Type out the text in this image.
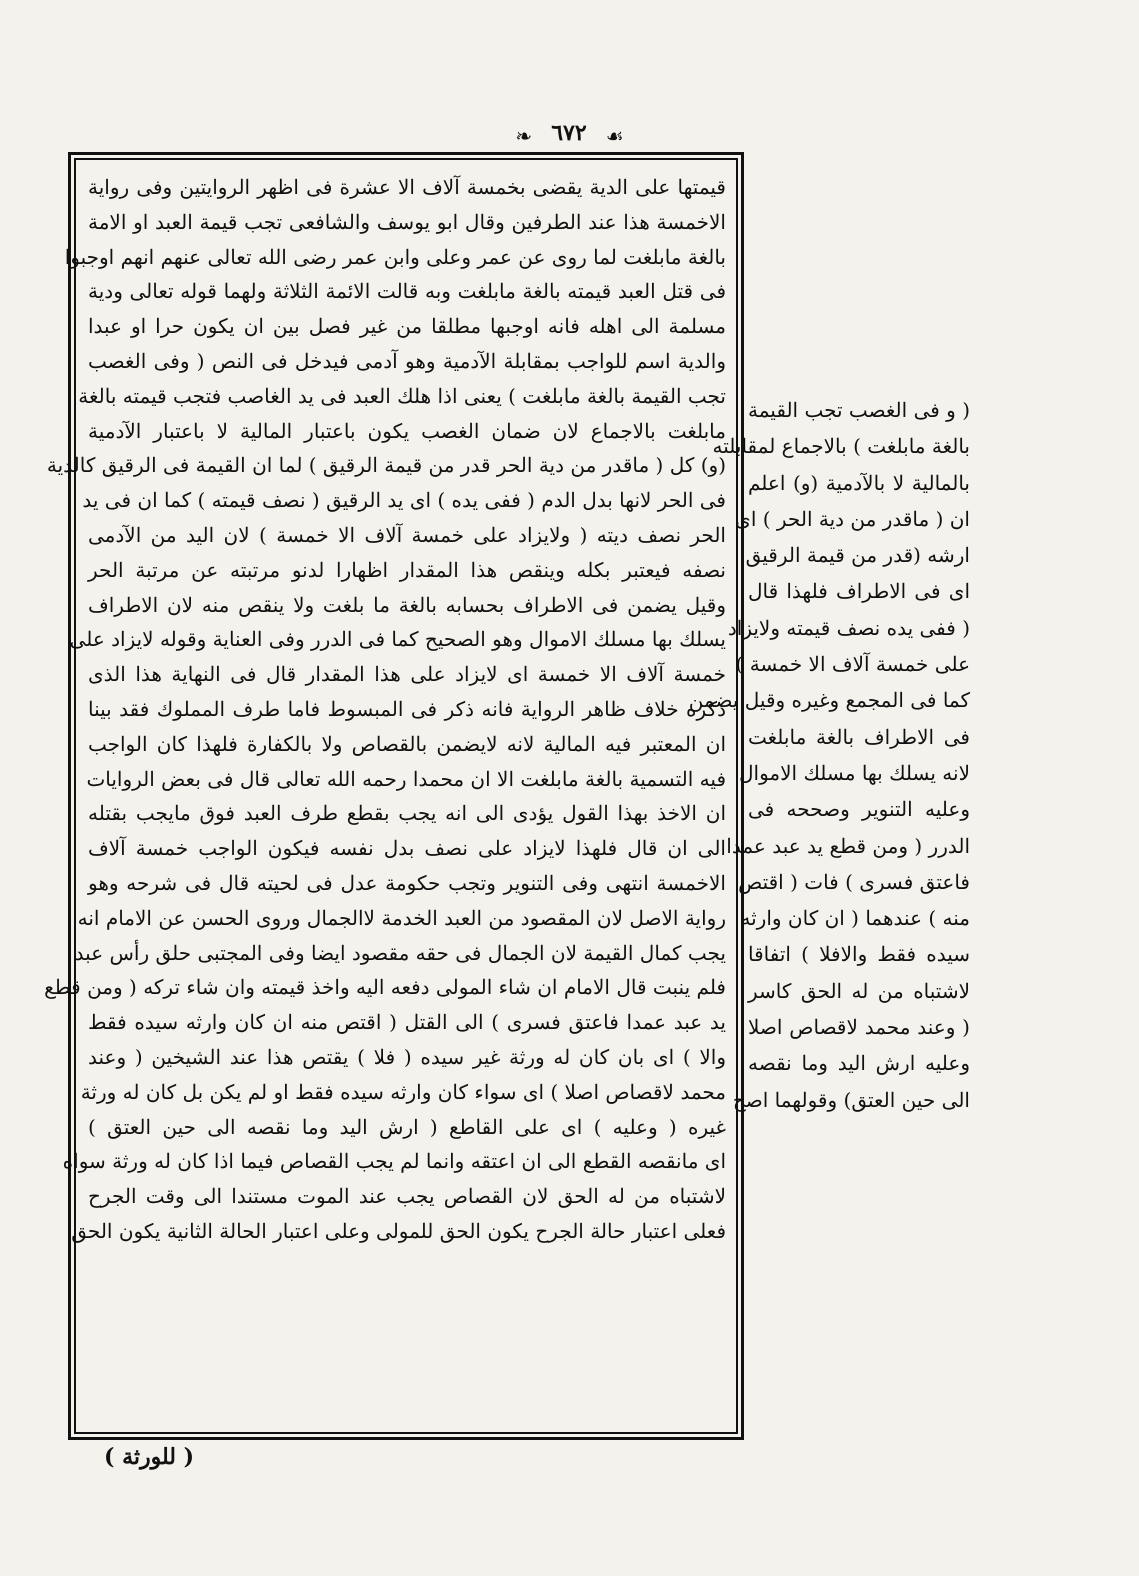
❧ ٦٧٢ ☙
قيمتها على الدية يقضى بخمسة آلاف الا عشرة فى اظهر الروايتين وفى رواية
الاخمسة هذا عند الطرفين وقال ابو يوسف والشافعى تجب قيمة العبد او الامة
بالغة مابلغت لما روى عن عمر وعلى وابن عمر رضى الله تعالى عنهم انهم اوجبوا
فى قتل العبد قيمته بالغة مابلغت وبه قالت الائمة الثلاثة ولهما قوله تعالى ودية
مسلمة الى اهله فانه اوجبها مطلقا من غير فصل بين ان يكون حرا او عبدا
والدية اسم للواجب بمقابلة الآدمية وهو آدمى فيدخل فى النص ( وفى الغصب
تجب القيمة بالغة مابلغت ) يعنى اذا هلك العبد فى يد الغاصب فتجب قيمته بالغة
مابلغت بالاجماع لان ضمان الغصب يكون باعتبار المالية لا باعتبار الآدمية
(و) كل ( ماقدر من دية الحر قدر من قيمة الرقيق ) لما ان القيمة فى الرقيق كالدية
فى الحر لانها بدل الدم ( ففى يده ) اى يد الرقيق ( نصف قيمته ) كما ان فى يد
الحر نصف ديته ( ولايزاد على خمسة آلاف الا خمسة ) لان اليد من الآدمى
نصفه فيعتبر بكله وينقص هذا المقدار اظهارا لدنو مرتبته عن مرتبة الحر
وقيل يضمن فى الاطراف بحسابه بالغة ما بلغت ولا ينقص منه لان الاطراف
يسلك بها مسلك الاموال وهو الصحيح كما فى الدرر وفى العناية وقوله لايزاد على
خمسة آلاف الا خمسة اى لايزاد على هذا المقدار قال فى النهاية هذا الذى
ذكره خلاف ظاهر الرواية فانه ذكر فى المبسوط فاما طرف المملوك فقد بينا
ان المعتبر فيه المالية لانه لايضمن بالقصاص ولا بالكفارة فلهذا كان الواجب
فيه التسمية بالغة مابلغت الا ان محمدا رحمه الله تعالى قال فى بعض الروايات
ان الاخذ بهذا القول يؤدى الى انه يجب بقطع طرف العبد فوق مايجب بقتله
الى ان قال فلهذا لايزاد على نصف بدل نفسه فيكون الواجب خمسة آلاف
الاخمسة انتهى وفى التنوير وتجب حكومة عدل فى لحيته قال فى شرحه وهو
رواية الاصل لان المقصود من العبد الخدمة لاالجمال وروى الحسن عن الامام انه
يجب كمال القيمة لان الجمال فى حقه مقصود ايضا وفى المجتبى حلق رأس عبد
فلم ينبت قال الامام ان شاء المولى دفعه اليه واخذ قيمته وان شاء تركه ( ومن قطع
يد عبد عمدا فاعتق فسرى ) الى القتل ( اقتص منه ان كان وارثه سيده فقط
والا ) اى بان كان له ورثة غير سيده ( فلا ) يقتص هذا عند الشيخين ( وعند
محمد لاقصاص اصلا ) اى سواء كان وارثه سيده فقط او لم يكن بل كان له ورثة
غيره ( وعليه ) اى على القاطع ( ارش اليد وما نقصه الى حين العتق )
اى مانقصه القطع الى ان اعتقه وانما لم يجب القصاص فيما اذا كان له ورثة سواه
لاشتباه من له الحق لان القصاص يجب عند الموت مستندا الى وقت الجرح
فعلى اعتبار حالة الجرح يكون الحق للمولى وعلى اعتبار الحالة الثانية يكون الحق
( و فى الغصب تجب القيمة
بالغة مابلغت ) بالاجماع لمقابلته
بالمالية لا بالآدمية (و) اعلم
ان ( ماقدر من دية الحر ) اى
ارشه (قدر من قيمة الرقيق
اى فى الاطراف فلهذا قال
( ففى يده نصف قيمته ولايزاد
على خمسة آلاف الا خمسة )
كما فى المجمع وغيره وقيل يضمن
فى الاطراف بالغة مابلغت
لانه يسلك بها مسلك الاموال
وعليه التنوير وصححه فى
الدرر ( ومن قطع يد عبد عمدا
فاعتق فسرى ) فات ( اقتص
منه ) عندهما ( ان كان وارثه
سيده فقط والافلا ) اتفاقا
لاشتباه من له الحق كاسر
( وعند محمد لاقصاص اصلا
وعليه ارش اليد وما نقصه
الى حين العتق) وقولهما اصح
( للورثة )
